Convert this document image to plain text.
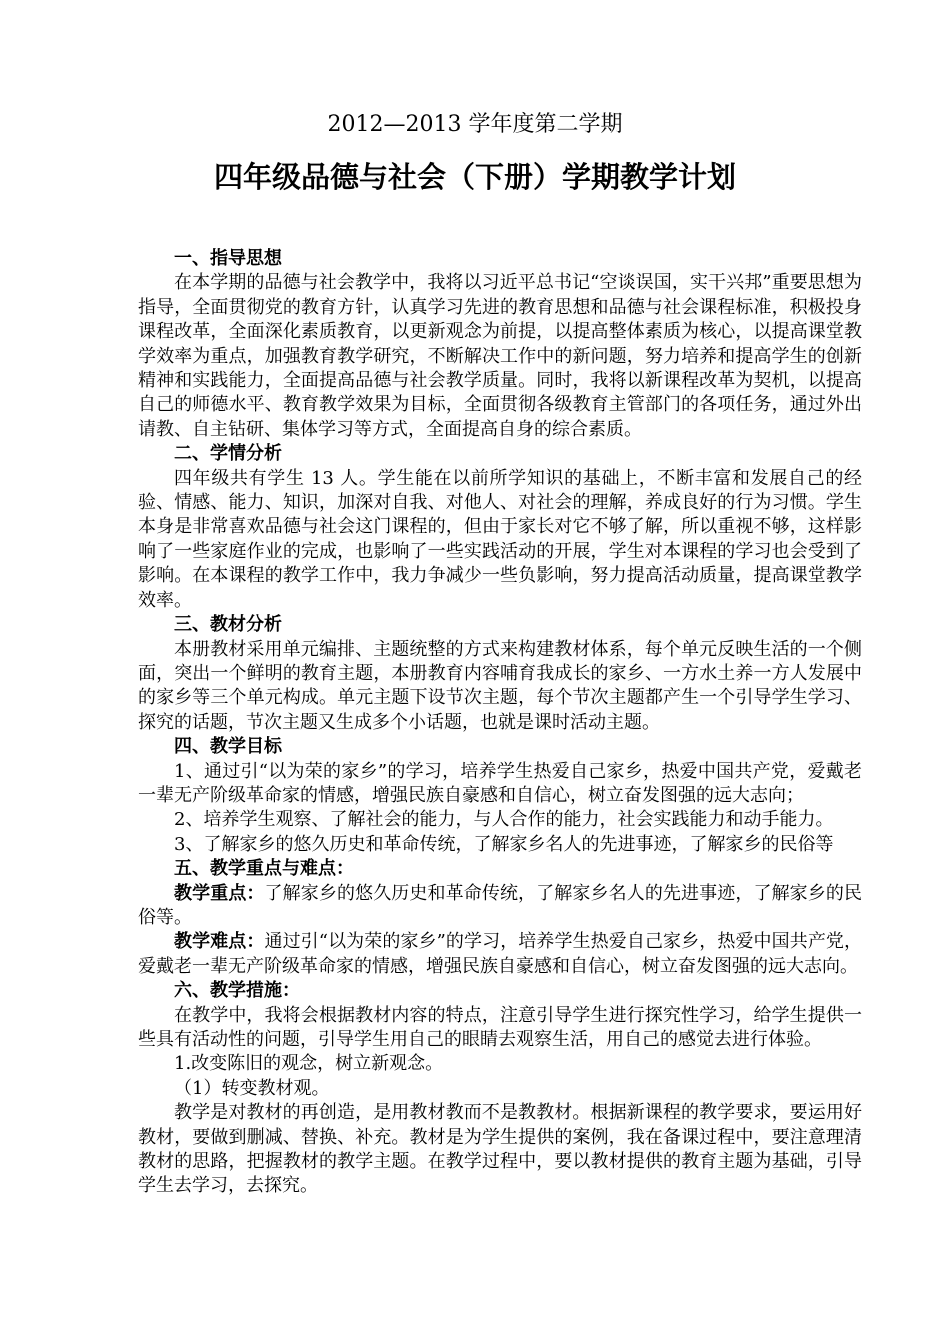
2012—2013 学年度第二学期
四年级品德与社会（下册）学期教学计划

一、指导思想

在本学期的品德与社会教学中，我将以习近平总书记“空谈误国，实干兴邦”重要思想为指导，全面贯彻党的教育方针，认真学习先进的教育思想和品德与社会课程标准，积极投身课程改革，全面深化素质教育，以更新观念为前提，以提高整体素质为核心，以提高课堂教学效率为重点，加强教育教学研究，不断解决工作中的新问题，努力培养和提高学生的创新精神和实践能力，全面提高品德与社会教学质量。同时，我将以新课程改革为契机，以提高自己的师德水平、教育教学效果为目标，全面贯彻各级教育主管部门的各项任务，通过外出请教、自主钻研、集体学习等方式，全面提高自身的综合素质。

二、学情分析

四年级共有学生 13 人。学生能在以前所学知识的基础上，不断丰富和发展自己的经验、情感、能力、知识，加深对自我、对他人、对社会的理解，养成良好的行为习惯。学生本身是非常喜欢品德与社会这门课程的，但由于家长对它不够了解，所以重视不够，这样影响了一些家庭作业的完成，也影响了一些实践活动的开展，学生对本课程的学习也会受到了影响。在本课程的教学工作中，我力争减少一些负影响，努力提高活动质量，提高课堂教学效率。

三、教材分析

本册教材采用单元编排、主题统整的方式来构建教材体系，每个单元反映生活的一个侧面，突出一个鲜明的教育主题，本册教育内容哺育我成长的家乡、一方水土养一方人发展中的家乡等三个单元构成。单元主题下设节次主题，每个节次主题都产生一个引导学生学习、探究的话题，节次主题又生成多个小话题，也就是课时活动主题。

四、教学目标

1、通过引“以为荣的家乡”的学习，培养学生热爱自己家乡，热爱中国共产党，爱戴老一辈无产阶级革命家的情感，增强民族自豪感和自信心，树立奋发图强的远大志向；

2、培养学生观察、了解社会的能力，与人合作的能力，社会实践能力和动手能力。

3、了解家乡的悠久历史和革命传统，了解家乡名人的先进事迹，了解家乡的民俗等

五、教学重点与难点：

教学重点：了解家乡的悠久历史和革命传统，了解家乡名人的先进事迹，了解家乡的民俗等。

教学难点：通过引“以为荣的家乡”的学习，培养学生热爱自己家乡，热爱中国共产党，爱戴老一辈无产阶级革命家的情感，增强民族自豪感和自信心，树立奋发图强的远大志向。

六、教学措施：

在教学中，我将会根据教材内容的特点，注意引导学生进行探究性学习，给学生提供一些具有活动性的问题，引导学生用自己的眼睛去观察生活，用自己的感觉去进行体验。

1.改变陈旧的观念，树立新观念。

（1）转变教材观。

教学是对教材的再创造，是用教材教而不是教教材。根据新课程的教学要求，要运用好教材，要做到删减、替换、补充。教材是为学生提供的案例，我在备课过程中，要注意理清教材的思路，把握教材的教学主题。在教学过程中，要以教材提供的教育主题为基础，引导学生去学习，去探究。
